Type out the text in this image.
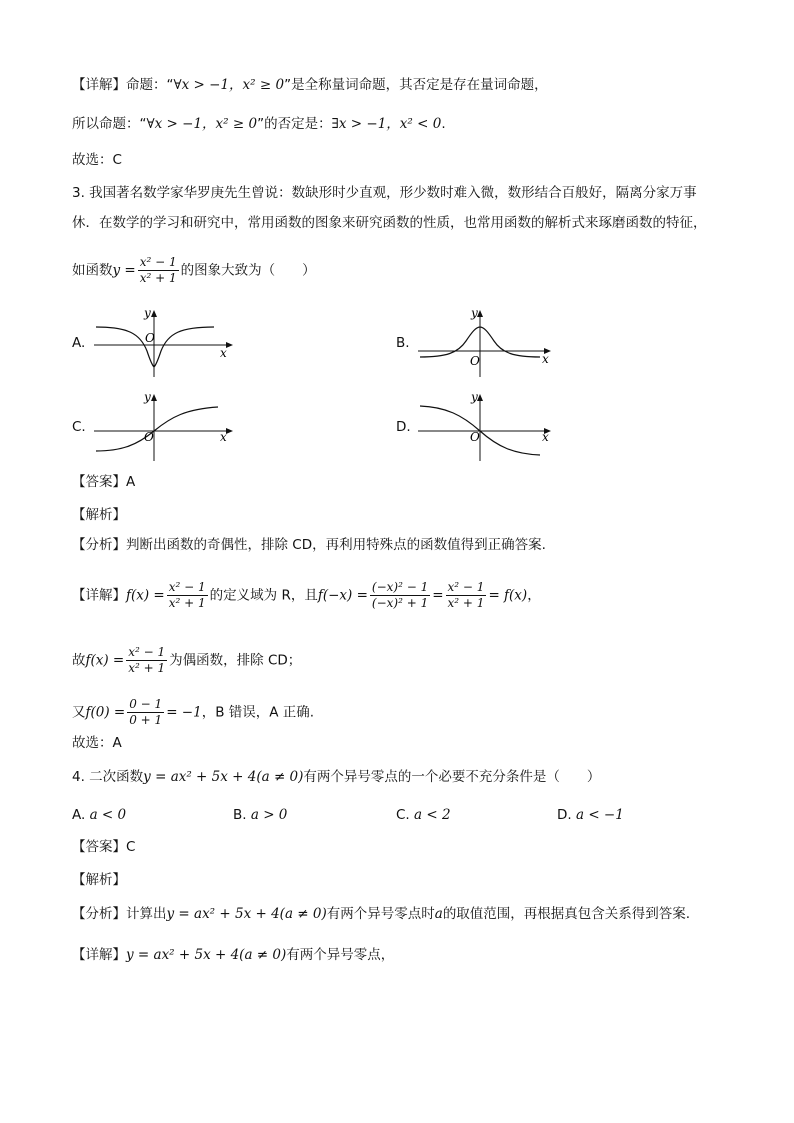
【详解】命题：“∀x > −1，x² ≥ 0”是全称量词命题，其否定是存在量词命题，
所以命题：“∀x > −1，x² ≥ 0”的否定是：∃x > −1，x² < 0.
故选：C
3. 我国著名数学家华罗庚先生曾说：数缺形时少直观，形少数时难入微，数形结合百般好，隔离分家万事
休．在数学的学习和研究中，常用函数的图象来研究函数的性质，也常用函数的解析式来琢磨函数的特征，
如函数$y = \frac{\text{x² − 1}}{\text{x² + 1}}$ 的图象大致为（　　）
A.	O
y
x
B.
O
y
x
C.
O
y
x
D.
O
y
x
【答案】A
【解析】
【分析】判断出函数的奇偶性，排除 CD，再利用特殊点的函数值得到正确答案.
【详解】$f(x) = \frac{\text{x² − 1}}{\text{x² + 1}}$ 的定义域为 R，且$f(-x) = \frac{\text{(−x)² − 1}}{\text{(−x)² + 1}} = \frac{\text{x² − 1}}{\text{x² + 1}} = f(x)$，
故$f(x) = \frac{\text{x² − 1}}{\text{x² + 1}}$ 为偶函数，排除 CD；
又$f(0) = \frac{0 - 1}{0 + 1} = -1$，B 错误，A 正确.
故选：A
4. 二次函数y = ax² + 5x + 4(a ≠ 0)有两个异号零点的一个必要不充分条件是（　　）
A. a < 0	B. a > 0	C. a < 2	D. a < −1
【答案】C
【解析】
【分析】计算出y = ax² + 5x + 4(a ≠ 0)有两个异号零点时a的取值范围，再根据真包含关系得到答案.
【详解】y = ax² + 5x + 4(a ≠ 0)有两个异号零点，
